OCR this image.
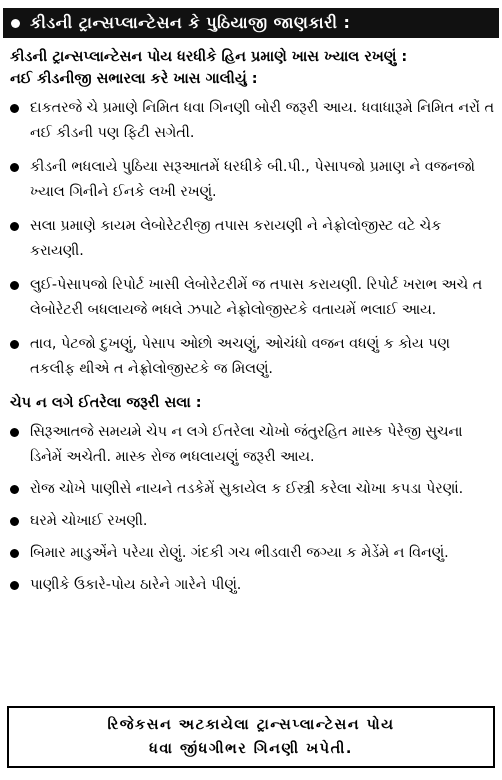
કીડની ટ્રાન્સપ્લાન્ટેસન કે પુઠિયાજી જાણકારી :
કીડની ટ્રાન્સપ્લાન્ટેસન પોય ધરધીકે હિન પ્રમાણે ખાસ ખ્યાલ રખણું :
નઈ કીડનીજી સભારલા કરે ખાસ ગાલીયું :
દાકતરજે ચે પ્રમાણે નિમિત ધવા ગિનણી બોરી જરૂરી આય. ધવાધારૂમે નિમિત નરોં ત નઈ કીડની પણ ફિટી સગેતી.
કીડની ભધલાયે પુઠિયા સરૂઆતમેં ધરધીકે બી.પી., પેસાપજો પ્રમાણ ને વજનજો ખ્યાલ ગિનીને ઈનકે લખી રખણું.
સલા પ્રમાણે કાયમ લેબોરેટરીજી તપાસ કરાયણી ને નેફ્રોલોજીસ્ટ વટે ચેક કરાયણી.
લુઈ-પેસાપજો રિપોર્ટ ખાસી લેબોરેટરીમેં જ તપાસ કરાયણી. રિપોર્ટ ખરાભ અચે ત લેબોરેટરી બધલાયજે ભધલે ઝપાટે નેફ્રોલોજીસ્ટકે વતાયમેં ભલાઈ આય.
તાવ, પેટજો દુખણું, પેસાપ ઓછો અચણું, ઓચંધો વજન વધણું ક કોય પણ તકલીફ થીએ ત નેફ્રોલોજીસ્ટકે જ મિલણું.
ચેપ ન લગે ઈતરેલા જરૂરી સલા :
સિરૂઆતજે સમયમે ચેપ ન લગે ઈતરેલા ચોખો જંતુરહિત માસ્ક પેરેજી સુચના ડિનેમેં અચેતી. માસ્ક રોજ ભધલાયણું જરૂરી આય.
રોજ ચોખે પાણીસે નાયને તડકેમેં સુકાયેલ ક ઈસ્ત્રી કરેલા ચોખા કપડા પેરણાં.
ઘરમે ચોખાઈ રખણી.
બિમાર માડુએંને પરેયા રોણું. ગંદકી ગચ ભીડવારી જગ્યા ક મેડેંમે ન વિનણું.
પાણીકે ઉકારે-પોય ઠારેને ગારેને પીણું.
રિજેકસન અટકાયેલા ટ્રાન્સપ્લાન્ટેસન પોય
ધવા જીંધગીભર ગિનણી ખપેતી.
